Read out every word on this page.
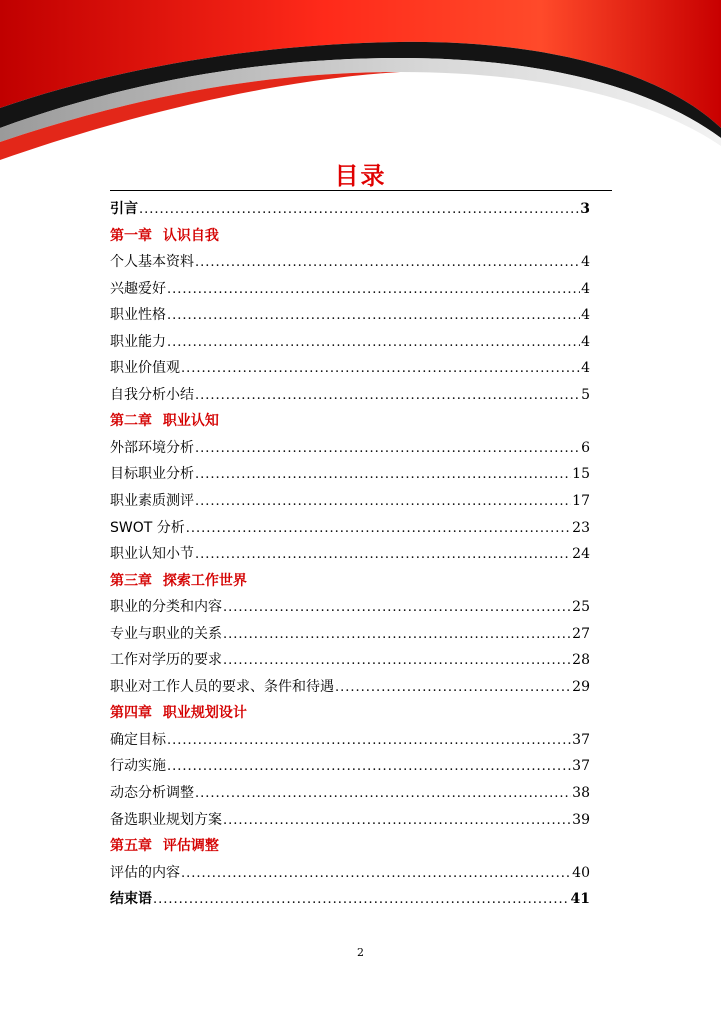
目录
引言 .....	3
第一章 认识自我
个人基本资料 .....	4
兴趣爱好 .....	4
职业性格 .....	4
职业能力 .....	4
职业价值观 .....	4
自我分析小结 .....	5
第二章 职业认知
外部环境分析 .....	6
目标职业分析 .....	15
职业素质测评 .....	17
SWOT 分析 .....	23
职业认知小节 .....	24
第三章 探索工作世界
职业的分类和内容 .....	25
专业与职业的关系 .....	27
工作对学历的要求 .....	28
职业对工作人员的要求、条件和待遇 .....	29
第四章 职业规划设计
确定目标 .....	37
行动实施 .....	37
动态分析调整 .....	38
备选职业规划方案 .....	39
第五章 评估调整
评估的内容 .....	40
结束语 .....	41
2
